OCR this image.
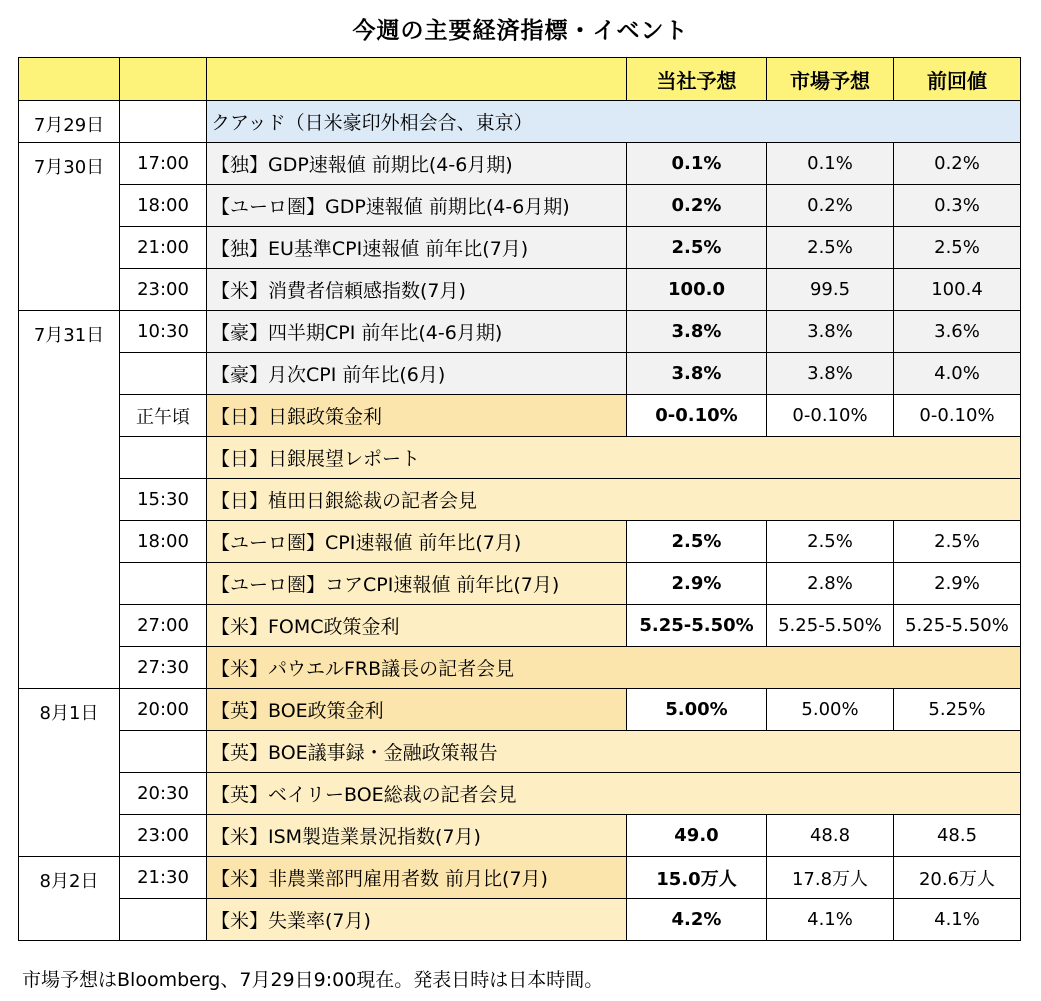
今週の主要経済指標・イベント
			当社予想	市場予想	前回値
7月29日		クアッド（日米豪印外相会合、東京）			
7月30日	17:00	【独】GDP速報値 前期比(4-6月期)	0.1%	0.1%	0.2%
	18:00	【ユーロ圏】GDP速報値 前期比(4-6月期)	0.2%	0.2%	0.3%
	21:00	【独】EU基準CPI速報値 前年比(7月)	2.5%	2.5%	2.5%
	23:00	【米】消費者信頼感指数(7月)	100.0	99.5	100.4
7月31日	10:30	【豪】四半期CPI 前年比(4-6月期)	3.8%	3.8%	3.6%
		【豪】月次CPI 前年比(6月)	3.8%	3.8%	4.0%
	正午頃	【日】日銀政策金利	0-0.10%	0-0.10%	0-0.10%
		【日】日銀展望レポート			
	15:30	【日】植田日銀総裁の記者会見			
	18:00	【ユーロ圏】CPI速報値 前年比(7月)	2.5%	2.5%	2.5%
		【ユーロ圏】コアCPI速報値 前年比(7月)	2.9%	2.8%	2.9%
	27:00	【米】FOMC政策金利	5.25-5.50%	5.25-5.50%	5.25-5.50%
	27:30	【米】パウエルFRB議長の記者会見			
8月1日	20:00	【英】BOE政策金利	5.00%	5.00%	5.25%
		【英】BOE議事録・金融政策報告			
	20:30	【英】ベイリーBOE総裁の記者会見			
	23:00	【米】ISM製造業景況指数(7月)	49.0	48.8	48.5
8月2日	21:30	【米】非農業部門雇用者数 前月比(7月)	15.0万人	17.8万人	20.6万人
		【米】失業率(7月)	4.2%	4.1%	4.1%
市場予想はBloomberg、7月29日9:00現在。発表日時は日本時間。
